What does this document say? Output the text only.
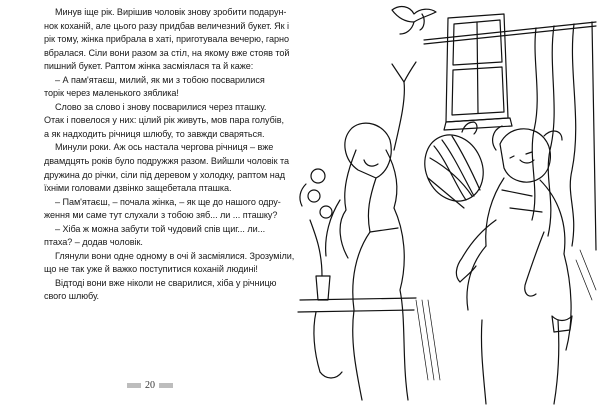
Минув іще рік. Вирішив чоловік знову зробити подарун-
нок коханій, але цього разу придбав величезний букет. Як і
рік тому, жінка прибрала в хаті, приготувала вечерю, гарно
вбралася. Сіли вони разом за стіл, на якому вже стояв той
пишний букет. Раптом жінка засміялася та й каже:
– А пам'ятаєш, милий, як ми з тобою посварилися
торік через маленького зяблика!
Слово за слово і знову посварилися через пташку.
Отак і повелося у них: цілий рік живуть, мов пара голубів,
а як надходить річниця шлюбу, то завжди сваряться.
Минули роки. Аж ось настала чергова річниця – вже
двамдцять років було подружжя разом. Вийшли чоловік та
дружина до річки, сіли під деревом у холодку, раптом над
їхніми головами дзвінко защебетала пташка.
– Пам'ятаєш, – почала жінка, – як ще до нашого одру-
ження ми саме тут слухали з тобою зяб... ли ... пташку?
– Хіба ж можна забути той чудовий спів щиг... ли...
птаха? – додав чоловік.
Глянули вони одне одному в очі й засміялися. Зрозуміли,
що не так уже й важко поступитися коханій людині!
Відтоді вони вже ніколи не сварилися, хіба у річницю
свого шлюбу.
20
